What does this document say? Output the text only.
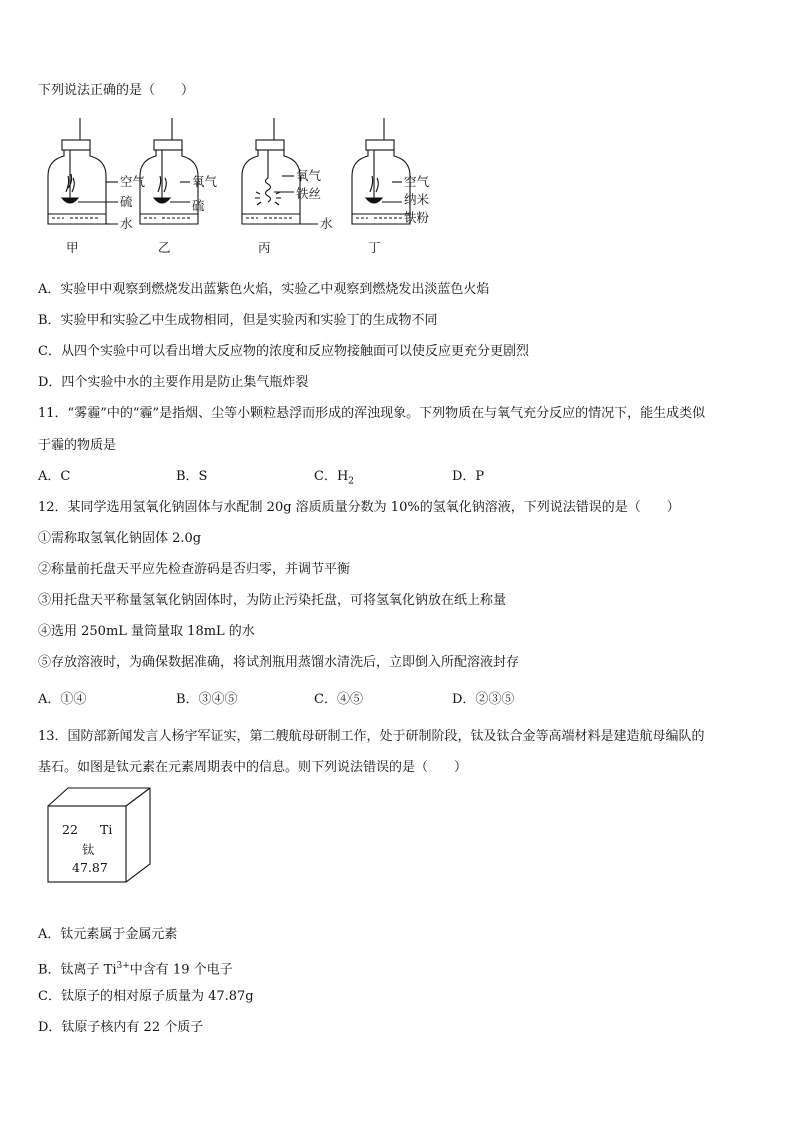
下列说法正确的是（　　）
空气
硫
水
氧气
硫
氧气
铁丝
水
空气
纳米
铁粉
甲	乙	丙	丁
A．实验甲中观察到燃烧发出蓝紫色火焰，实验乙中观察到燃烧发出淡蓝色火焰
B．实验甲和实验乙中生成物相同，但是实验丙和实验丁的生成物不同
C．从四个实验中可以看出增大反应物的浓度和反应物接触面可以使反应更充分更剧烈
D．四个实验中水的主要作用是防止集气瓶炸裂
11．“雾霾”中的“霾”是指烟、尘等小颗粒悬浮而形成的浑浊现象。下列物质在与氧气充分反应的情况下，能生成类似
于霾的物质是
A．C	B．S	C．$H_2$	D．P
12．某同学选用氢氧化钠固体与水配制 20g 溶质质量分数为 10%的氢氧化钠溶液，下列说法错误的是（　　）
①需称取氢氧化钠固体 2.0g
②称量前托盘天平应先检查游码是否归零，并调节平衡
③用托盘天平称量氢氧化钠固体时，为防止污染托盘，可将氢氧化钠放在纸上称量
④选用 250mL 量筒量取 18mL 的水
⑤存放溶液时，为确保数据准确，将试剂瓶用蒸馏水清洗后，立即倒入所配溶液封存
A．①④	B．③④⑤	C．④⑤	D．②③⑤
13．国防部新闻发言人杨宇军证实，第二艘航母研制工作，处于研制阶段，钛及钛合金等高端材料是建造航母编队的
基石。如图是钛元素在元素周期表中的信息。则下列说法错误的是（　　）
22 Ti
钛
47.87
A．钛元素属于金属元素
B．钛离子 $Ti^{3+}$中含有 19 个电子
C．钛原子的相对原子质量为 47.87g
D．钛原子核内有 22 个质子
